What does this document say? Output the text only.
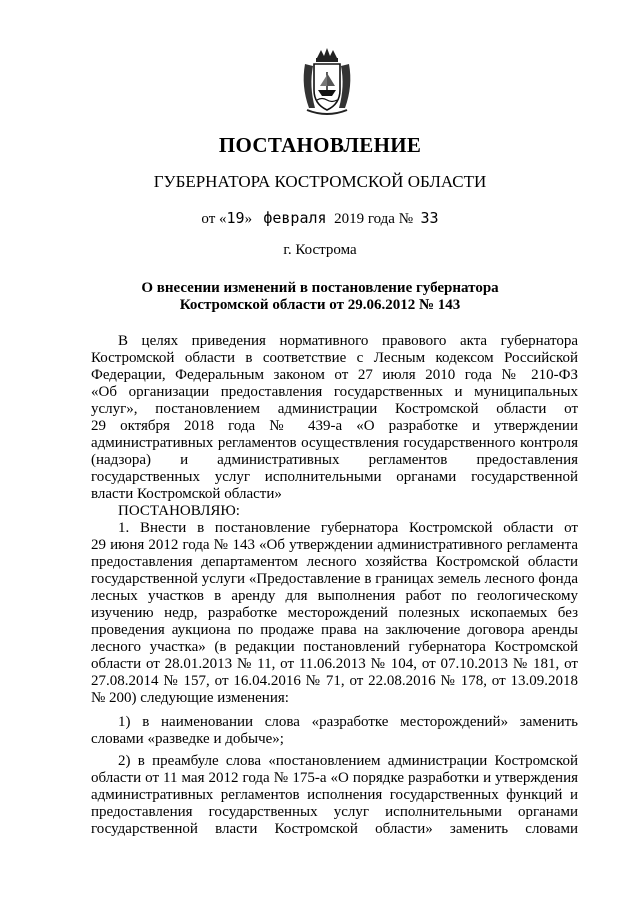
ПОСТАНОВЛЕНИЕ
ГУБЕРНАТОРА КОСТРОМСКОЙ ОБЛАСТИ
от «19» февраля 2019 года № 33
г. Кострома
О внесении изменений в постановление губернатора
Костромской области от 29.06.2012 № 143
В целях приведения нормативного правового акта губернатора
Костромской области в соответствие с Лесным кодексом Российской
Федерации, Федеральным законом от 27 июля 2010 года № 210-ФЗ
«Об организации предоставления государственных и муниципальных
услуг», постановлением администрации Костромской области от
29 октября 2018 года № 439-а «О разработке и утверждении
административных регламентов осуществления государственного контроля
(надзора) и административных регламентов предоставления
государственных услуг исполнительными органами государственной
власти Костромской области»
ПОСТАНОВЛЯЮ:
1. Внести в постановление губернатора Костромской области от
29 июня 2012 года № 143 «Об утверждении административного регламента
предоставления департаментом лесного хозяйства Костромской области
государственной услуги «Предоставление в границах земель лесного фонда
лесных участков в аренду для выполнения работ по геологическому
изучению недр, разработке месторождений полезных ископаемых без
проведения аукциона по продаже права на заключение договора аренды
лесного участка» (в редакции постановлений губернатора Костромской
области от 28.01.2013 № 11, от 11.06.2013 № 104, от 07.10.2013 № 181, от
27.08.2014 № 157, от 16.04.2016 № 71, от 22.08.2016 № 178, от 13.09.2018
№ 200) следующие изменения:
1) в наименовании слова «разработке месторождений» заменить
словами «разведке и добыче»;
2) в преамбуле слова «постановлением администрации Костромской
области от 11 мая 2012 года № 175-а «О порядке разработки и утверждения
административных регламентов исполнения государственных функций и
предоставления государственных услуг исполнительными органами
государственной власти Костромской области» заменить словами
